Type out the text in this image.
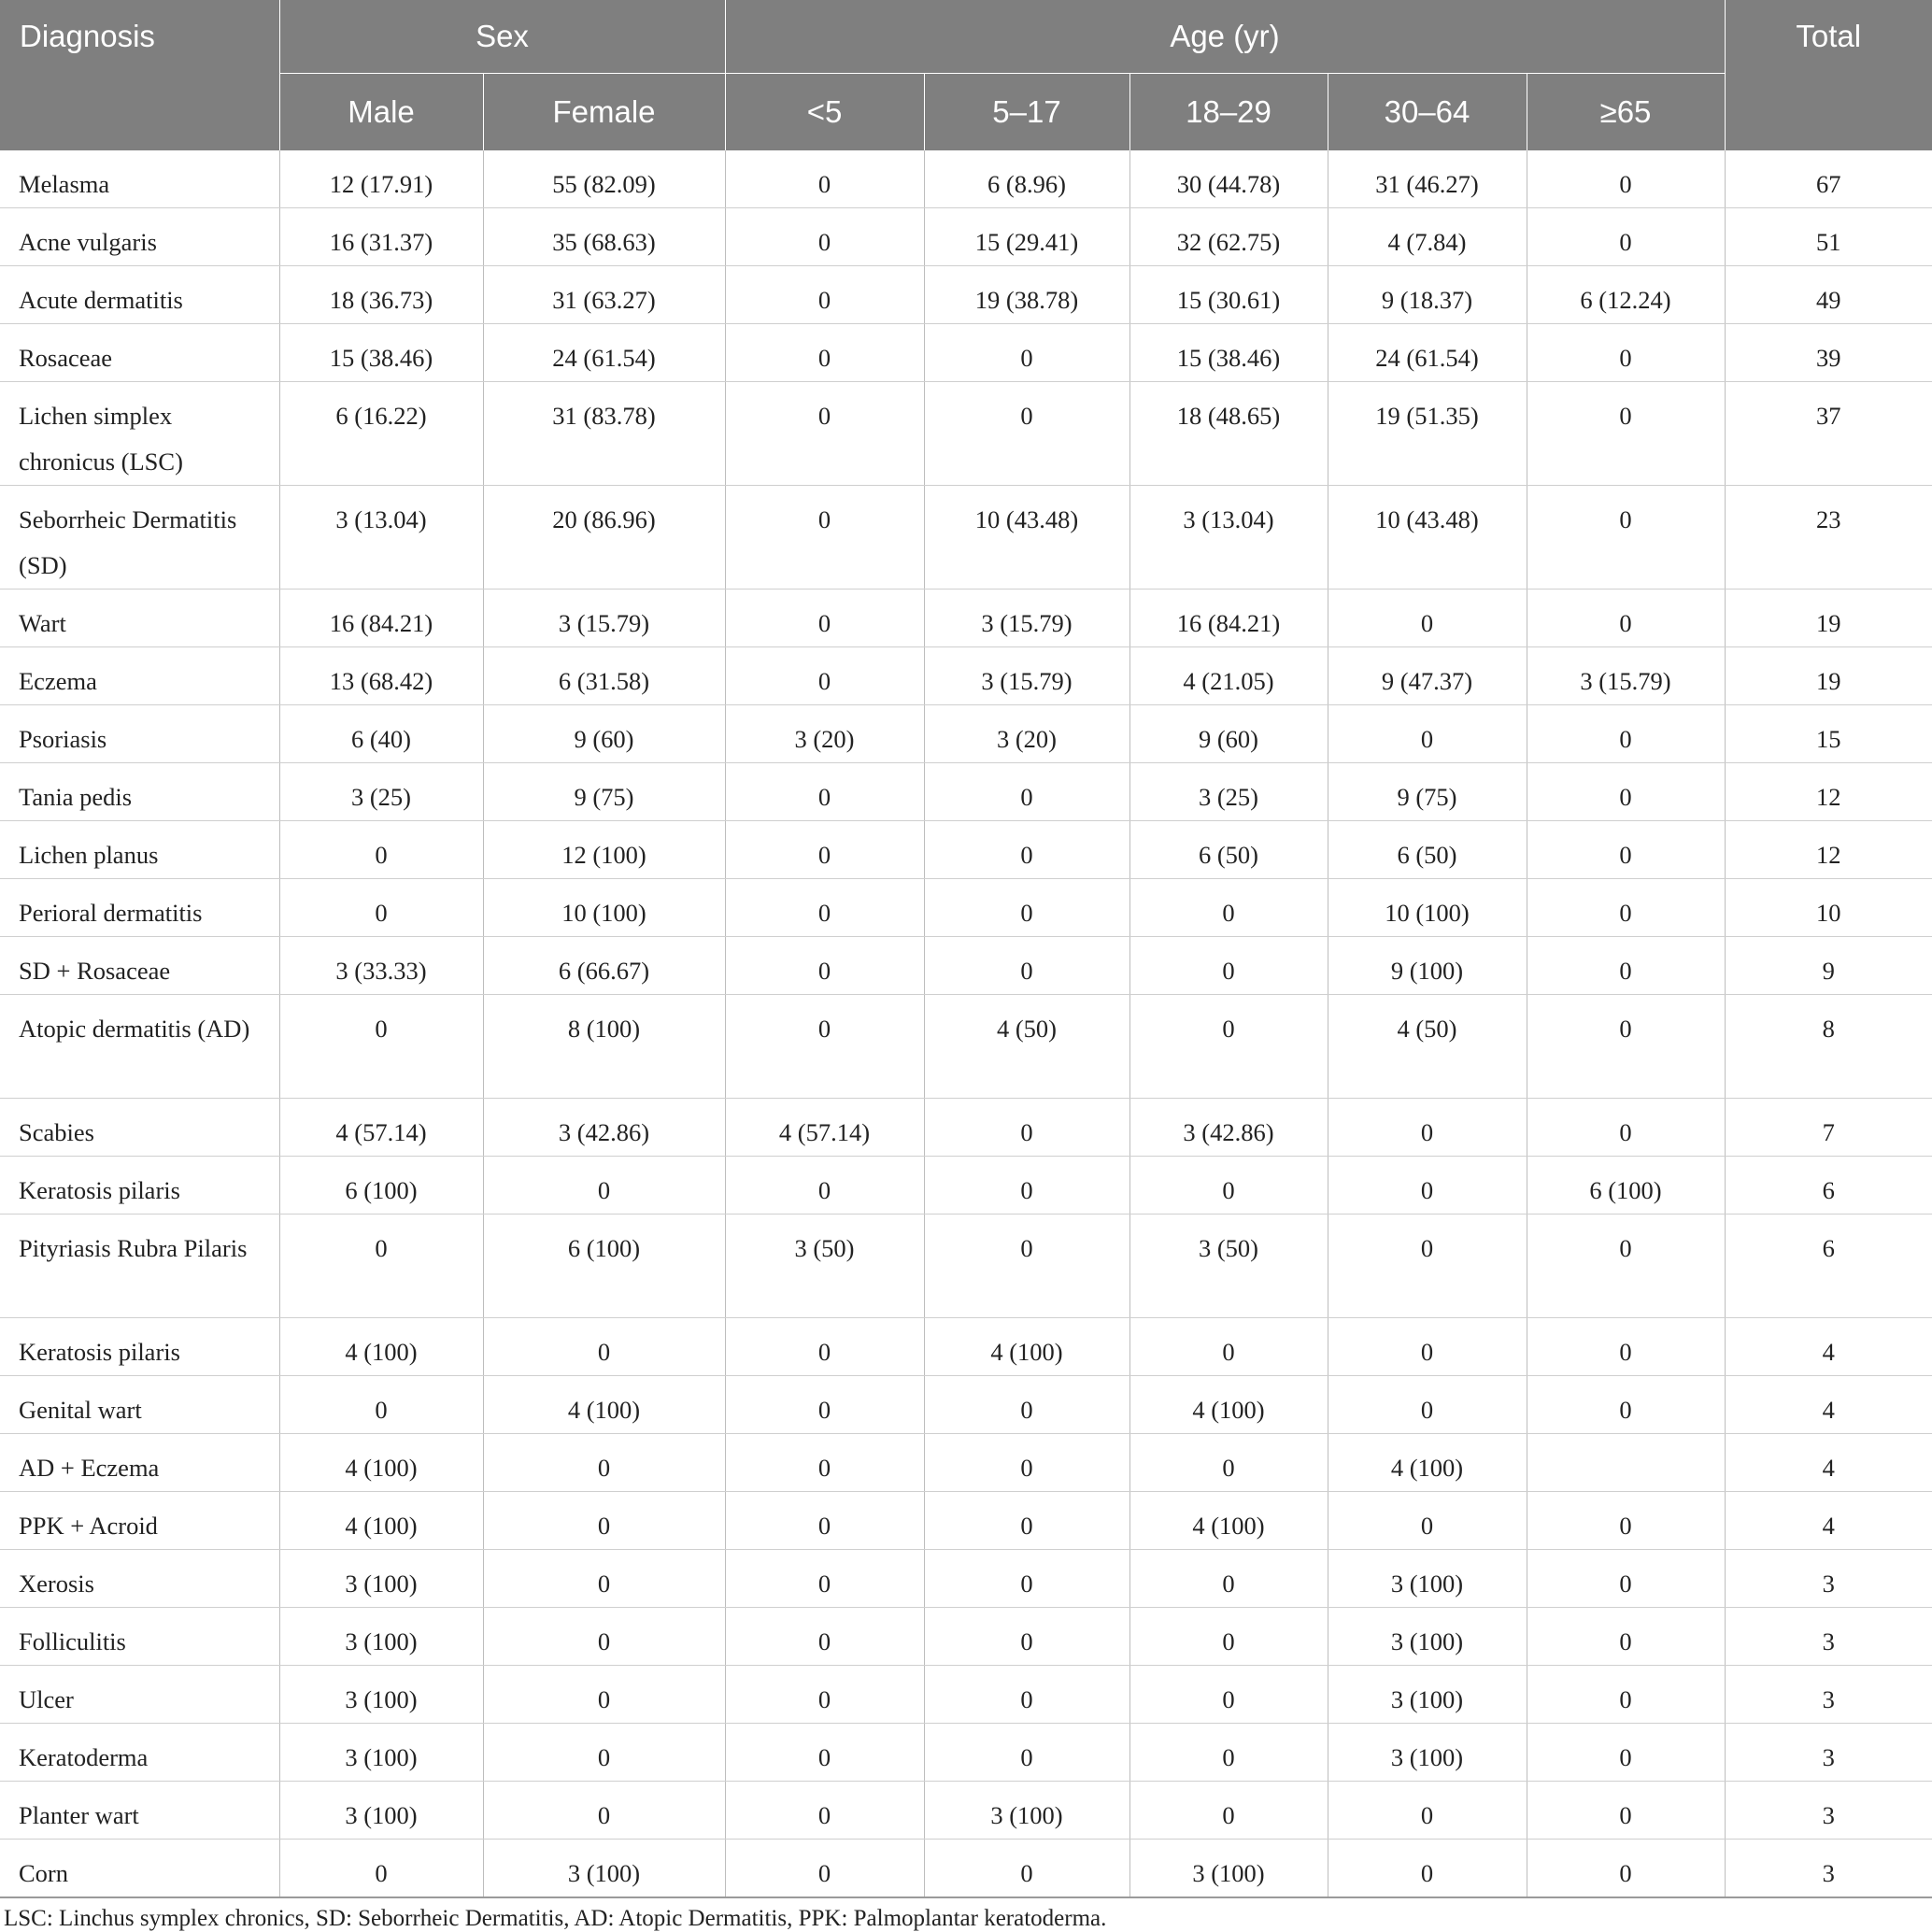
Diagnosis	Sex		Age (yr)					Total
	Male	Female	<5	5–17	18–29	30–64	≥65	
Melasma	12 (17.91)	55 (82.09)	0	6 (8.96)	30 (44.78)	31 (46.27)	0	67
Acne vulgaris	16 (31.37)	35 (68.63)	0	15 (29.41)	32 (62.75)	4 (7.84)	0	51
Acute dermatitis	18 (36.73)	31 (63.27)	0	19 (38.78)	15 (30.61)	9 (18.37)	6 (12.24)	49
Rosaceae	15 (38.46)	24 (61.54)	0	0	15 (38.46)	24 (61.54)	0	39
Lichen simplex chronicus (LSC)	6 (16.22)	31 (83.78)	0	0	18 (48.65)	19 (51.35)	0	37
Seborrheic Dermatitis (SD)	3 (13.04)	20 (86.96)	0	10 (43.48)	3 (13.04)	10 (43.48)	0	23
Wart	16 (84.21)	3 (15.79)	0	3 (15.79)	16 (84.21)	0	0	19
Eczema	13 (68.42)	6 (31.58)	0	3 (15.79)	4 (21.05)	9 (47.37)	3 (15.79)	19
Psoriasis	6 (40)	9 (60)	3 (20)	3 (20)	9 (60)	0	0	15
Tania pedis	3 (25)	9 (75)	0	0	3 (25)	9 (75)	0	12
Lichen planus	0	12 (100)	0	0	6 (50)	6 (50)	0	12
Perioral dermatitis	0	10 (100)	0	0	0	10 (100)	0	10
SD + Rosaceae	3 (33.33)	6 (66.67)	0	0	0	9 (100)	0	9
Atopic dermatitis (AD)	0	8 (100)	0	4 (50)	0	4 (50)	0	8
Scabies	4 (57.14)	3 (42.86)	4 (57.14)	0	3 (42.86)	0	0	7
Keratosis pilaris	6 (100)	0	0	0	0	0	6 (100)	6
Pityriasis Rubra Pilaris	0	6 (100)	3 (50)	0	3 (50)	0	0	6
Keratosis pilaris	4 (100)	0	0	4 (100)	0	0	0	4
Genital wart	0	4 (100)	0	0	4 (100)	0	0	4
AD + Eczema	4 (100)	0	0	0	0	4 (100)		4
PPK + Acroid	4 (100)	0	0	0	4 (100)	0	0	4
Xerosis	3 (100)	0	0	0	0	3 (100)	0	3
Folliculitis	3 (100)	0	0	0	0	3 (100)	0	3
Ulcer	3 (100)	0	0	0	0	3 (100)	0	3
Keratoderma	3 (100)	0	0	0	0	3 (100)	0	3
Planter wart	3 (100)	0	0	3 (100)	0	0	0	3
Corn	0	3 (100)	0	0	3 (100)	0	0	3
LSC: Linchus symplex chronics, SD: Seborrheic Dermatitis, AD: Atopic Dermatitis, PPK: Palmoplantar keratoderma.
